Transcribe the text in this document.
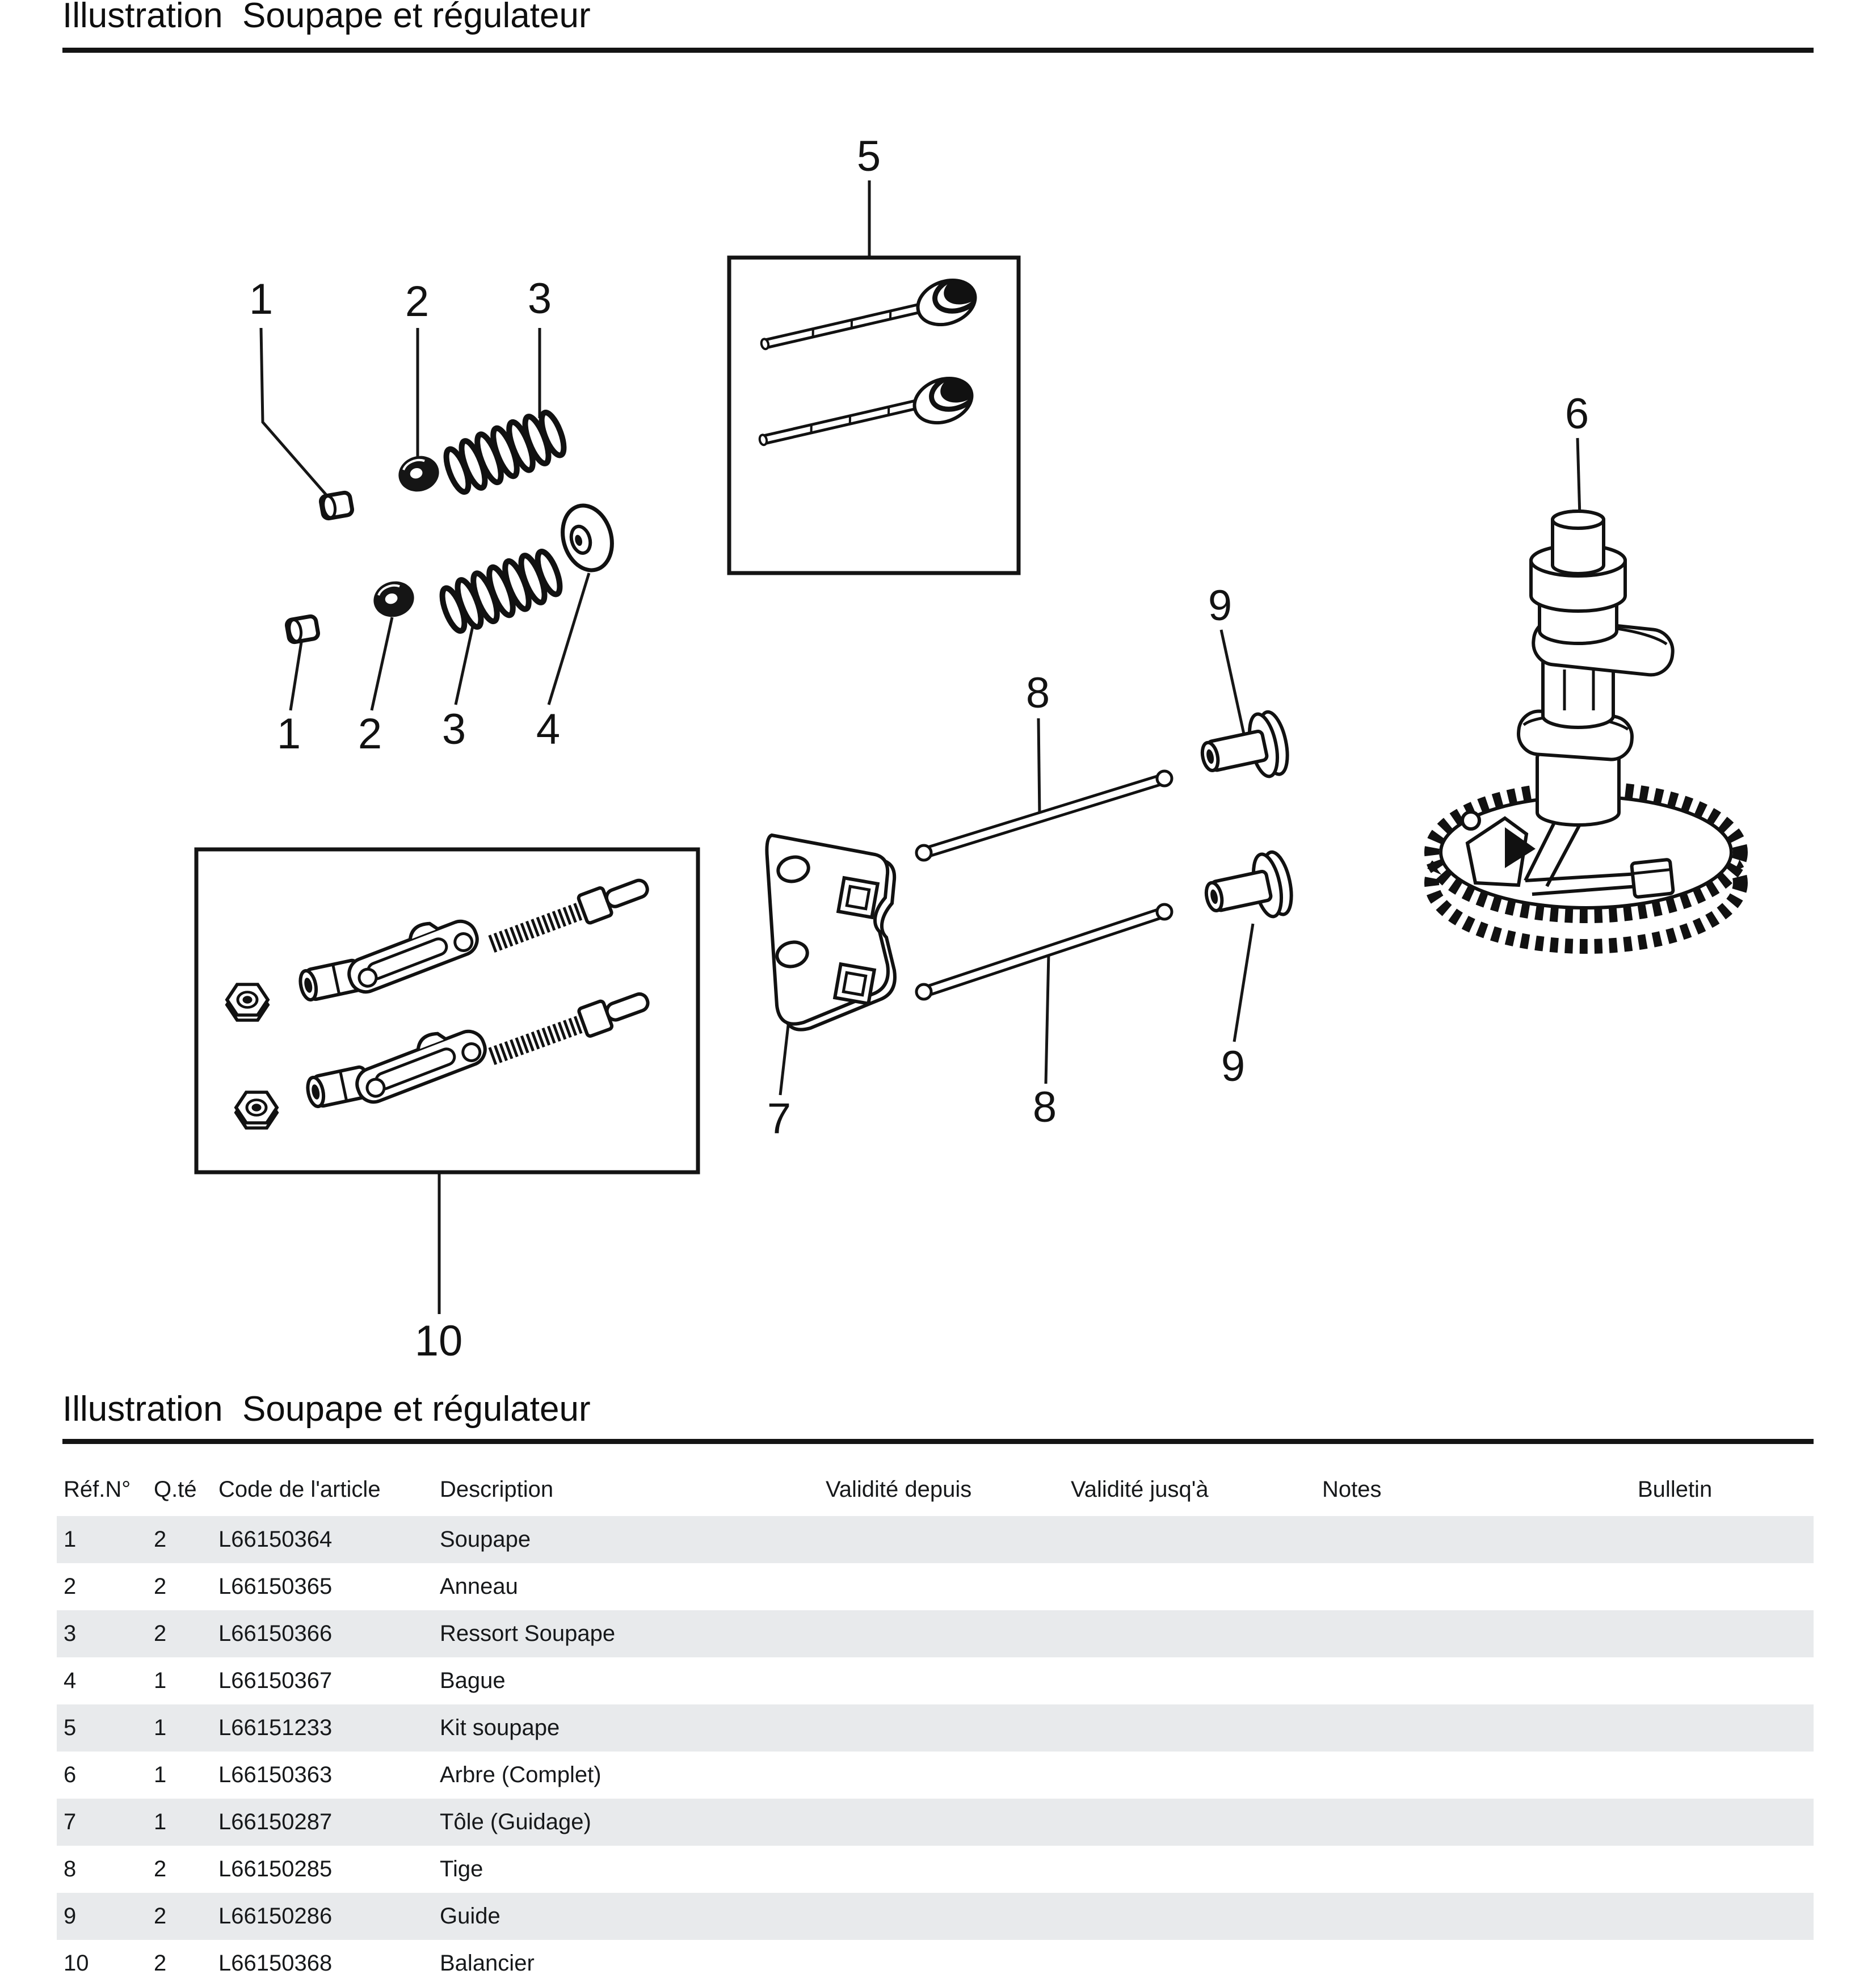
Illustration  Soupape et régulateur
1	2 3
1 2 3 4
5
6
7
8
8
9
9
10
Illustration  Soupape et régulateur
Réf.N° Q.té Code de l'article	Description	Validité depuis	Validité jusq'à	Notes	Bulletin
1	2 L66150364	Soupape
2	2 L66150365	Anneau
3	2 L66150366	Ressort Soupape
4	1 L66150367	Bague
5	1 L66151233	Kit soupape
6	1 L66150363	Arbre (Complet)
7	1 L66150287	Tôle (Guidage)
8	2 L66150285	Tige
9	2 L66150286	Guide
10	2 L66150368	Balancier
